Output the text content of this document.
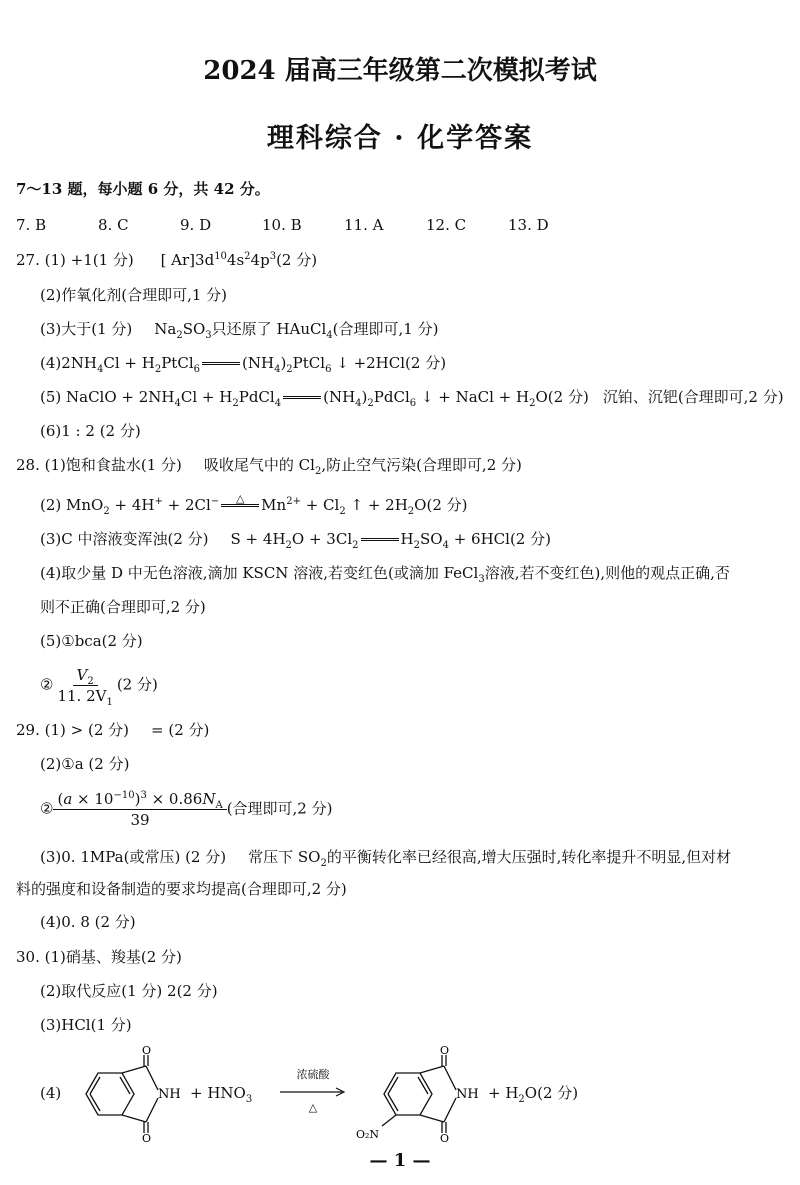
2024 届高三年级第二次模拟考试
理科综合 · 化学答案
7～13 题，每小题 6 分，共 42 分。
7. B	8. C	9. D	10. B	11. A	12. C	13. D
27. (1) +1(1 分) [ $Ar]3d^{10}4s^24p^3(2$ 分)
(2)作氧化剂(合理即可,1 分)
(3)大于(1 分) $Na_2SO_3$只还原了 HAuCl$_4$(合理即可,1 分)
$(4)2NH_4Cl$ + $H_2PtCl_6$	$(NH_4)_2PtCl_6$ ↓ +2HCl(2 分)
(5) NaClO + $2NH_4Cl$ + $H_2PdCl_4$	$(NH_4)_2PdCl_6$ ↓ + NaCl + $H_2O(2$ 分) 沉铂、沉钯(合理即可,2 分)
(6)1 : 2 (2 分)
28. (1)饱和食盐水(1 分) 吸收尾气中的 $Cl_2$,防止空气污染(合理即可,2 分)
(2) MnO$_2$ + 4H+ + 2Cl−	△	$Mn^{2+} + Cl_2$ ↑ + $2H_2O(2$ 分)
(3)C 中溶液变浑浊(2 分) $S + 4H_2O + 3Cl_2$	$H_2SO_4 + 6HCl(2$ 分)
(4)取少量 D 中无色溶液,滴加 KSCN 溶液,若变红色(或滴加 FeCl$_3$溶液,若不变红色),则他的观点正确,否
则不正确(合理即可,2 分)
(5)①bca(2 分)
② $\frac{V_2}{11. 2V_1} (2$ 分)
29. (1) > (2 分) = (2 分)
(2)①a (2 分)
② $\frac{(a \times 10^{-10})^3 \times 0.86N_A}{39}$ (合理即可,2 分)
(3)0. 1MPa(或常压) (2 分) 常压下 $SO_2$的平衡转化率已经很高,增大压强时,转化率提升不明显,但对材
料的强度和设备制造的要求均提高(合理即可,2 分)
(4)0. 8 (2 分)
30. (1)硝基、羧基(2 分)
(2)取代反应(1 分) 2(2 分)
(3)HCl(1 分)
(4)
O
O
NH + $HNO_3$
浓硫酸
△
O
O
NH
O₂N
+ $H_2O(2$ 分)
— 1 —
